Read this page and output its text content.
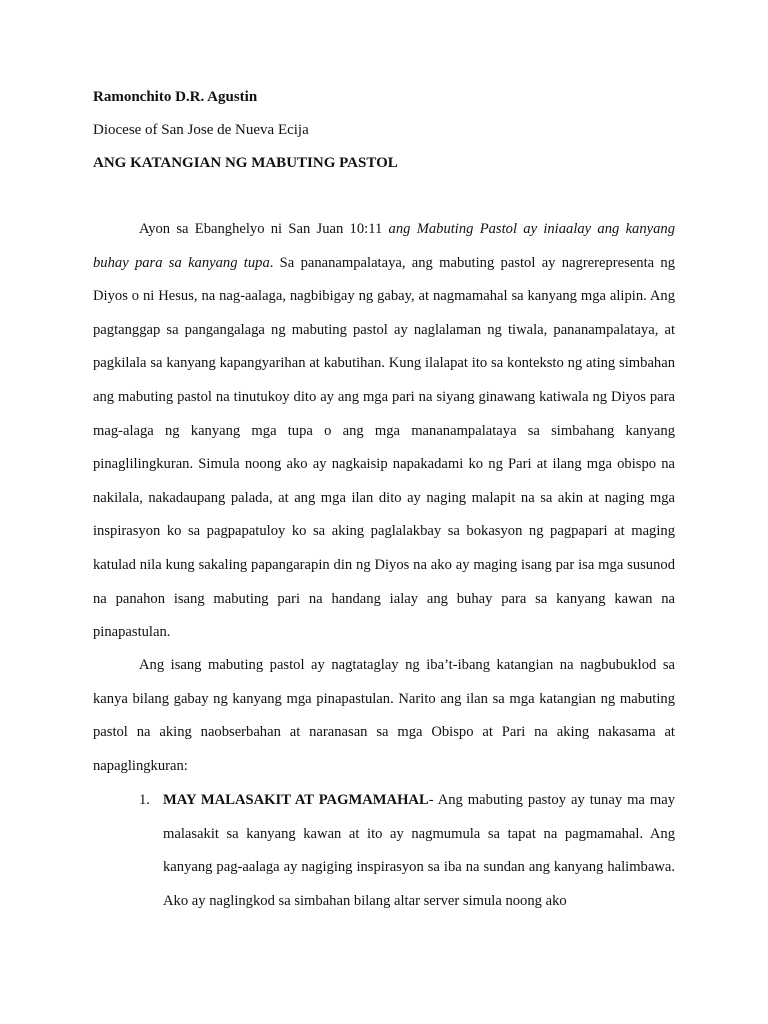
Ramonchito D.R. Agustin
Diocese of San Jose de Nueva Ecija
ANG KATANGIAN NG MABUTING PASTOL

Ayon sa Ebanghelyo ni San Juan 10:11 ang Mabuting Pastol ay iniaalay ang kanyang buhay para sa kanyang tupa. Sa pananampalataya, ang mabuting pastol ay nagrerepresenta ng Diyos o ni Hesus, na nag-aalaga, nagbibigay ng gabay, at nagmamahal sa kanyang mga alipin. Ang pagtanggap sa pangangalaga ng mabuting pastol ay naglalaman ng tiwala, pananampalataya, at pagkilala sa kanyang kapangyarihan at kabutihan. Kung ilalapat ito sa konteksto ng ating simbahan ang mabuting pastol na tinutukoy dito ay ang mga pari na siyang ginawang katiwala ng Diyos para mag-alaga ng kanyang mga tupa o ang mga mananampalataya sa simbahang kanyang pinaglilingkuran. Simula noong ako ay nagkaisip napakadami ko ng Pari at ilang mga obispo na nakilala, nakadaupang palada, at ang mga ilan dito ay naging malapit na sa akin at naging mga inspirasyon ko sa pagpapatuloy ko sa aking paglalakbay sa bokasyon ng pagpapari at maging katulad nila kung sakaling papangarapin din ng Diyos na ako ay maging isang par isa mga susunod na panahon isang mabuting pari na handang ialay ang buhay para sa kanyang kawan na pinapastulan.

Ang isang mabuting pastol ay nagtataglay ng iba’t-ibang katangian na nagbubuklod sa kanya bilang gabay ng kanyang mga pinapastulan. Narito ang ilan sa mga katangian ng mabuting pastol na aking naobserbahan at naranasan sa mga Obispo at Pari na aking nakasama at napaglingkuran:

1. MAY MALASAKIT AT PAGMAMAHAL- Ang mabuting pastoy ay tunay ma may malasakit sa kanyang kawan at ito ay nagmumula sa tapat na pagmamahal. Ang kanyang pag-aalaga ay nagiging inspirasyon sa iba na sundan ang kanyang halimbawa. Ako ay naglingkod sa simbahan bilang altar server simula noong ako
